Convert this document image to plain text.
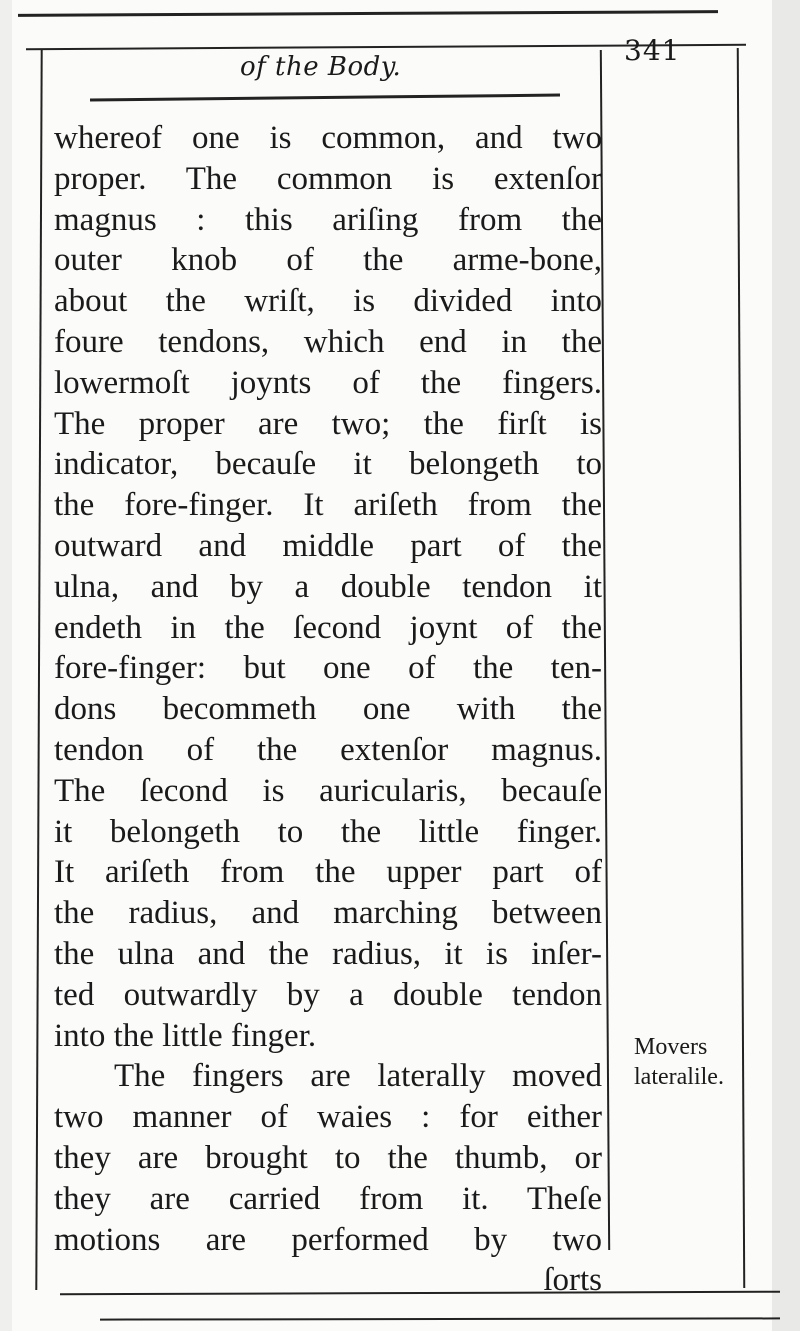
of the Body.	341
whereof one is common, and two
proper. The common is extenſor
magnus : this ariſing from the
outer knob of the arme-bone,
about the wriſt, is divided into
foure tendons, which end in the
lowermoſt joynts of the fingers.
The proper are two; the firſt is
indicator, becauſe it belongeth to
the fore-finger. It ariſeth from the
outward and middle part of the
ulna, and by a double tendon it
endeth in the ſecond joynt of the
fore-finger: but one of the ten-
dons becommeth one with the
tendon of the extenſor magnus.
The ſecond is auricularis, becauſe
it belongeth to the little finger.
It ariſeth from the upper part of
the radius, and marching between
the ulna and the radius, it is inſer-
ted outwardly by a double tendon
into the little finger.
The fingers are laterally moved
two manner of waies : for either
they are brought to the thumb, or
they are carried from it. Theſe
motions are performed by two
ſorts
Movers
lateralile.
